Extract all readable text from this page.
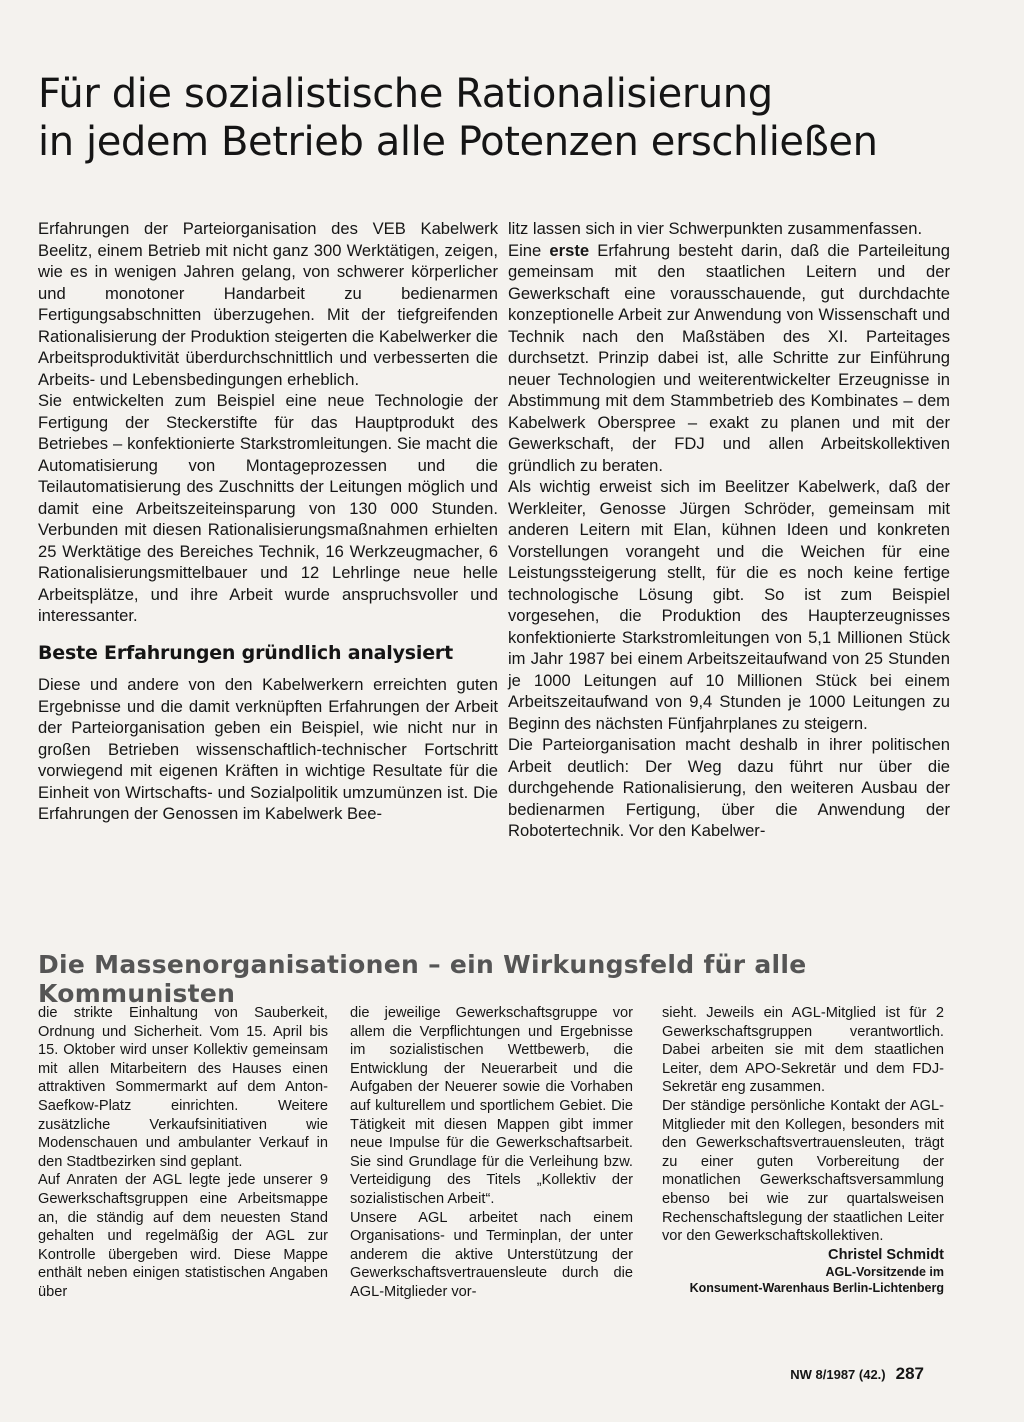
Für die sozialistische Rationalisierung
in jedem Betrieb alle Potenzen erschließen

Erfahrungen der Parteiorganisation des VEB Kabelwerk Beelitz, einem Betrieb mit nicht ganz 300 Werktätigen, zeigen, wie es in wenigen Jahren gelang, von schwerer körperlicher und monotoner Handarbeit zu bedienarmen Fertigungsabschnitten überzugehen. Mit der tiefgreifenden Rationalisierung der Produktion steigerten die Kabelwerker die Arbeitsproduktivität überdurchschnittlich und verbesserten die Arbeits- und Lebensbedingungen erheblich.

Sie entwickelten zum Beispiel eine neue Technologie der Fertigung der Steckerstifte für das Hauptprodukt des Betriebes – konfektionierte Starkstromleitungen. Sie macht die Automatisierung von Montageprozessen und die Teilautomatisierung des Zuschnitts der Leitungen möglich und damit eine Arbeitszeiteinsparung von 130 000 Stunden. Verbunden mit diesen Rationalisierungsmaßnahmen erhielten 25 Werktätige des Bereiches Technik, 16 Werkzeugmacher, 6 Rationalisierungsmittelbauer und 12 Lehrlinge neue helle Arbeitsplätze, und ihre Arbeit wurde anspruchsvoller und interessanter.

Beste Erfahrungen gründlich analysiert

Diese und andere von den Kabelwerkern erreichten guten Ergebnisse und die damit verknüpften Erfahrungen der Arbeit der Parteiorganisation geben ein Beispiel, wie nicht nur in großen Betrieben wissenschaftlich-technischer Fortschritt vorwiegend mit eigenen Kräften in wichtige Resultate für die Einheit von Wirtschafts- und Sozialpolitik umzumünzen ist. Die Erfahrungen der Genossen im Kabelwerk Bee-

litz lassen sich in vier Schwerpunkten zusammenfassen.

Eine erste Erfahrung besteht darin, daß die Parteileitung gemeinsam mit den staatlichen Leitern und der Gewerkschaft eine vorausschauende, gut durchdachte konzeptionelle Arbeit zur Anwendung von Wissenschaft und Technik nach den Maßstäben des XI. Parteitages durchsetzt. Prinzip dabei ist, alle Schritte zur Einführung neuer Technologien und weiterentwickelter Erzeugnisse in Abstimmung mit dem Stammbetrieb des Kombinates – dem Kabelwerk Oberspree – exakt zu planen und mit der Gewerkschaft, der FDJ und allen Arbeitskollektiven gründlich zu beraten.

Als wichtig erweist sich im Beelitzer Kabelwerk, daß der Werkleiter, Genosse Jürgen Schröder, gemeinsam mit anderen Leitern mit Elan, kühnen Ideen und konkreten Vorstellungen vorangeht und die Weichen für eine Leistungssteigerung stellt, für die es noch keine fertige technologische Lösung gibt. So ist zum Beispiel vorgesehen, die Produktion des Haupterzeugnisses konfektionierte Starkstromleitungen von 5,1 Millionen Stück im Jahr 1987 bei einem Arbeitszeitaufwand von 25 Stunden je 1000 Leitungen auf 10 Millionen Stück bei einem Arbeitszeitaufwand von 9,4 Stunden je 1000 Leitungen zu Beginn des nächsten Fünfjahrplanes zu steigern.

Die Parteiorganisation macht deshalb in ihrer politischen Arbeit deutlich: Der Weg dazu führt nur über die durchgehende Rationalisierung, den weiteren Ausbau der bedienarmen Fertigung, über die Anwendung der Robotertechnik. Vor den Kabelwer-

Die Massenorganisationen – ein Wirkungsfeld für alle Kommunisten

die strikte Einhaltung von Sauberkeit, Ordnung und Sicherheit. Vom 15. April bis 15. Oktober wird unser Kollektiv gemeinsam mit allen Mitarbeitern des Hauses einen attraktiven Sommermarkt auf dem Anton-Saefkow-Platz einrichten. Weitere zusätzliche Verkaufsinitiativen wie Modenschauen und ambulanter Verkauf in den Stadtbezirken sind geplant.

Auf Anraten der AGL legte jede unserer 9 Gewerkschaftsgruppen eine Arbeitsmappe an, die ständig auf dem neuesten Stand gehalten und regelmäßig der AGL zur Kontrolle übergeben wird. Diese Mappe enthält neben einigen statistischen Angaben über

die jeweilige Gewerkschaftsgruppe vor allem die Verpflichtungen und Ergebnisse im sozialistischen Wettbewerb, die Entwicklung der Neuerarbeit und die Aufgaben der Neuerer sowie die Vorhaben auf kulturellem und sportlichem Gebiet. Die Tätigkeit mit diesen Mappen gibt immer neue Impulse für die Gewerkschaftsarbeit. Sie sind Grundlage für die Verleihung bzw. Verteidigung des Titels „Kollektiv der sozialistischen Arbeit“.

Unsere AGL arbeitet nach einem Organisations- und Terminplan, der unter anderem die aktive Unterstützung der Gewerkschaftsvertrauensleute durch die AGL-Mitglieder vor-

sieht. Jeweils ein AGL-Mitglied ist für 2 Gewerkschaftsgruppen verantwortlich. Dabei arbeiten sie mit dem staatlichen Leiter, dem APO-Sekretär und dem FDJ-Sekretär eng zusammen.

Der ständige persönliche Kontakt der AGL-Mitglieder mit den Kollegen, besonders mit den Gewerkschaftsvertrauensleuten, trägt zu einer guten Vorbereitung der monatlichen Gewerkschaftsversammlung ebenso bei wie zur quartalsweisen Rechenschaftslegung der staatlichen Leiter vor den Gewerkschaftskollektiven.

Christel Schmidt

AGL-Vorsitzende im

Konsument-Warenhaus Berlin-Lichtenberg

NW 8/1987 (42.) 287
